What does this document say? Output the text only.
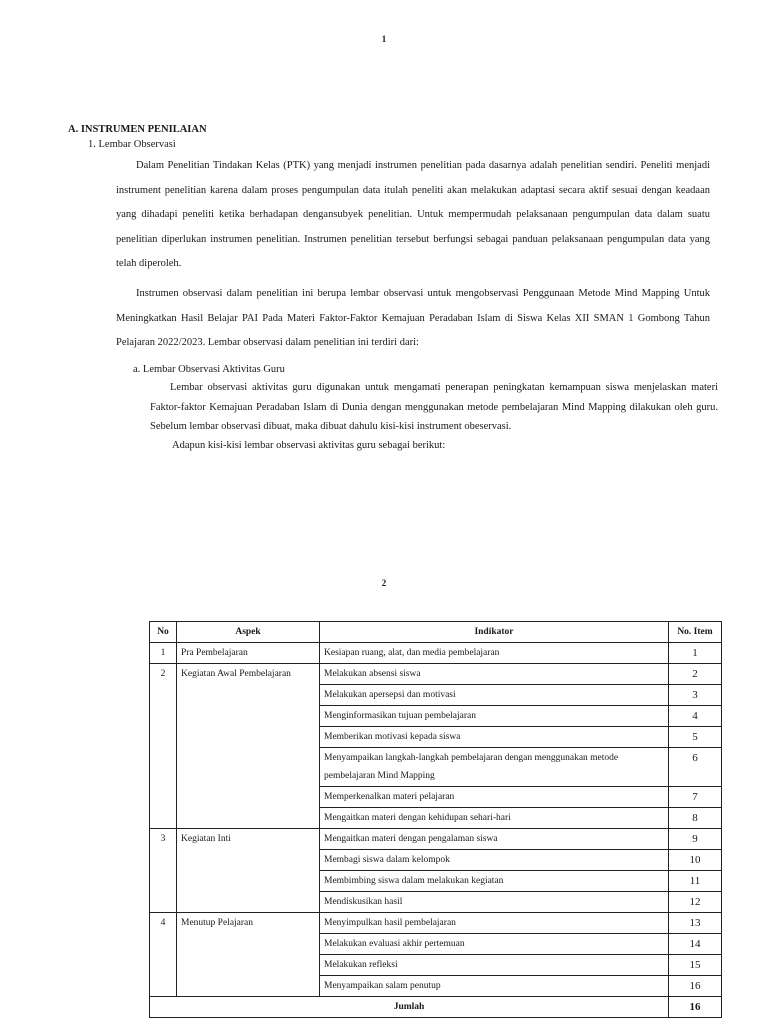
1
A. INSTRUMEN PENILAIAN
1. Lembar Observasi

Dalam Penelitian Tindakan Kelas (PTK) yang menjadi instrumen penelitian pada dasarnya adalah penelitian sendiri. Peneliti menjadi instrument penelitian karena dalam proses pengumpulan data itulah peneliti akan melakukan adaptasi secara aktif sesuai dengan keadaan yang dihadapi peneliti ketika berhadapan dengansubyek penelitian. Untuk mempermudah pelaksanaan pengumpulan data dalam suatu penelitian diperlukan instrumen penelitian. Instrumen penelitian tersebut berfungsi sebagai panduan pelaksanaan pengumpulan data yang telah diperoleh.

Instrumen observasi dalam penelitian ini berupa lembar observasi untuk mengobservasi Penggunaan Metode Mind Mapping Untuk Meningkatkan Hasil Belajar PAI Pada Materi Faktor-Faktor Kemajuan Peradaban Islam di Siswa Kelas XII SMAN 1 Gombong Tahun Pelajaran 2022/2023. Lembar observasi dalam penelitian ini terdiri dari:

a. Lembar Observasi Aktivitas Guru

Lembar observasi aktivitas guru digunakan untuk mengamati penerapan peningkatan kemampuan siswa menjelaskan materi Faktor-faktor Kemajuan Peradaban Islam di Dunia dengan menggunakan metode pembelajaran Mind Mapping dilakukan oleh guru. Sebelum lembar observasi dibuat, maka dibuat dahulu kisi-kisi instrument obeservasi.

Adapun kisi-kisi lembar observasi aktivitas guru sebagai berikut:
2
No	Aspek	Indikator	No. Item
1	Pra Pembelajaran	Kesiapan ruang, alat, dan media pembelajaran	1
2	Kegiatan Awal Pembelajaran	Melakukan absensi siswa	2
		Melakukan apersepsi dan motivasi	3
		Menginformasikan tujuan pembelajaran	4
		Memberikan motivasi kepada siswa	5
		Menyampaikan langkah-langkah pembelajaran dengan menggunakan metode pembelajaran Mind Mapping	6
		Memperkenalkan materi pelajaran	7
		Mengaitkan materi dengan kehidupan sehari-hari	8
3	Kegiatan Inti	Mengaitkan materi dengan pengalaman siswa	9
		Membagi siswa dalam kelompok	10
		Membimbing siswa dalam melakukan kegiatan	11
		Mendiskusikan hasil	12
4	Menutup Pelajaran	Menyimpulkan hasil pembelajaran	13
		Melakukan evaluasi akhir pertemuan	14
		Melakukan refleksi	15
		Menyampaikan salam penutup	16
Jumlah			16
